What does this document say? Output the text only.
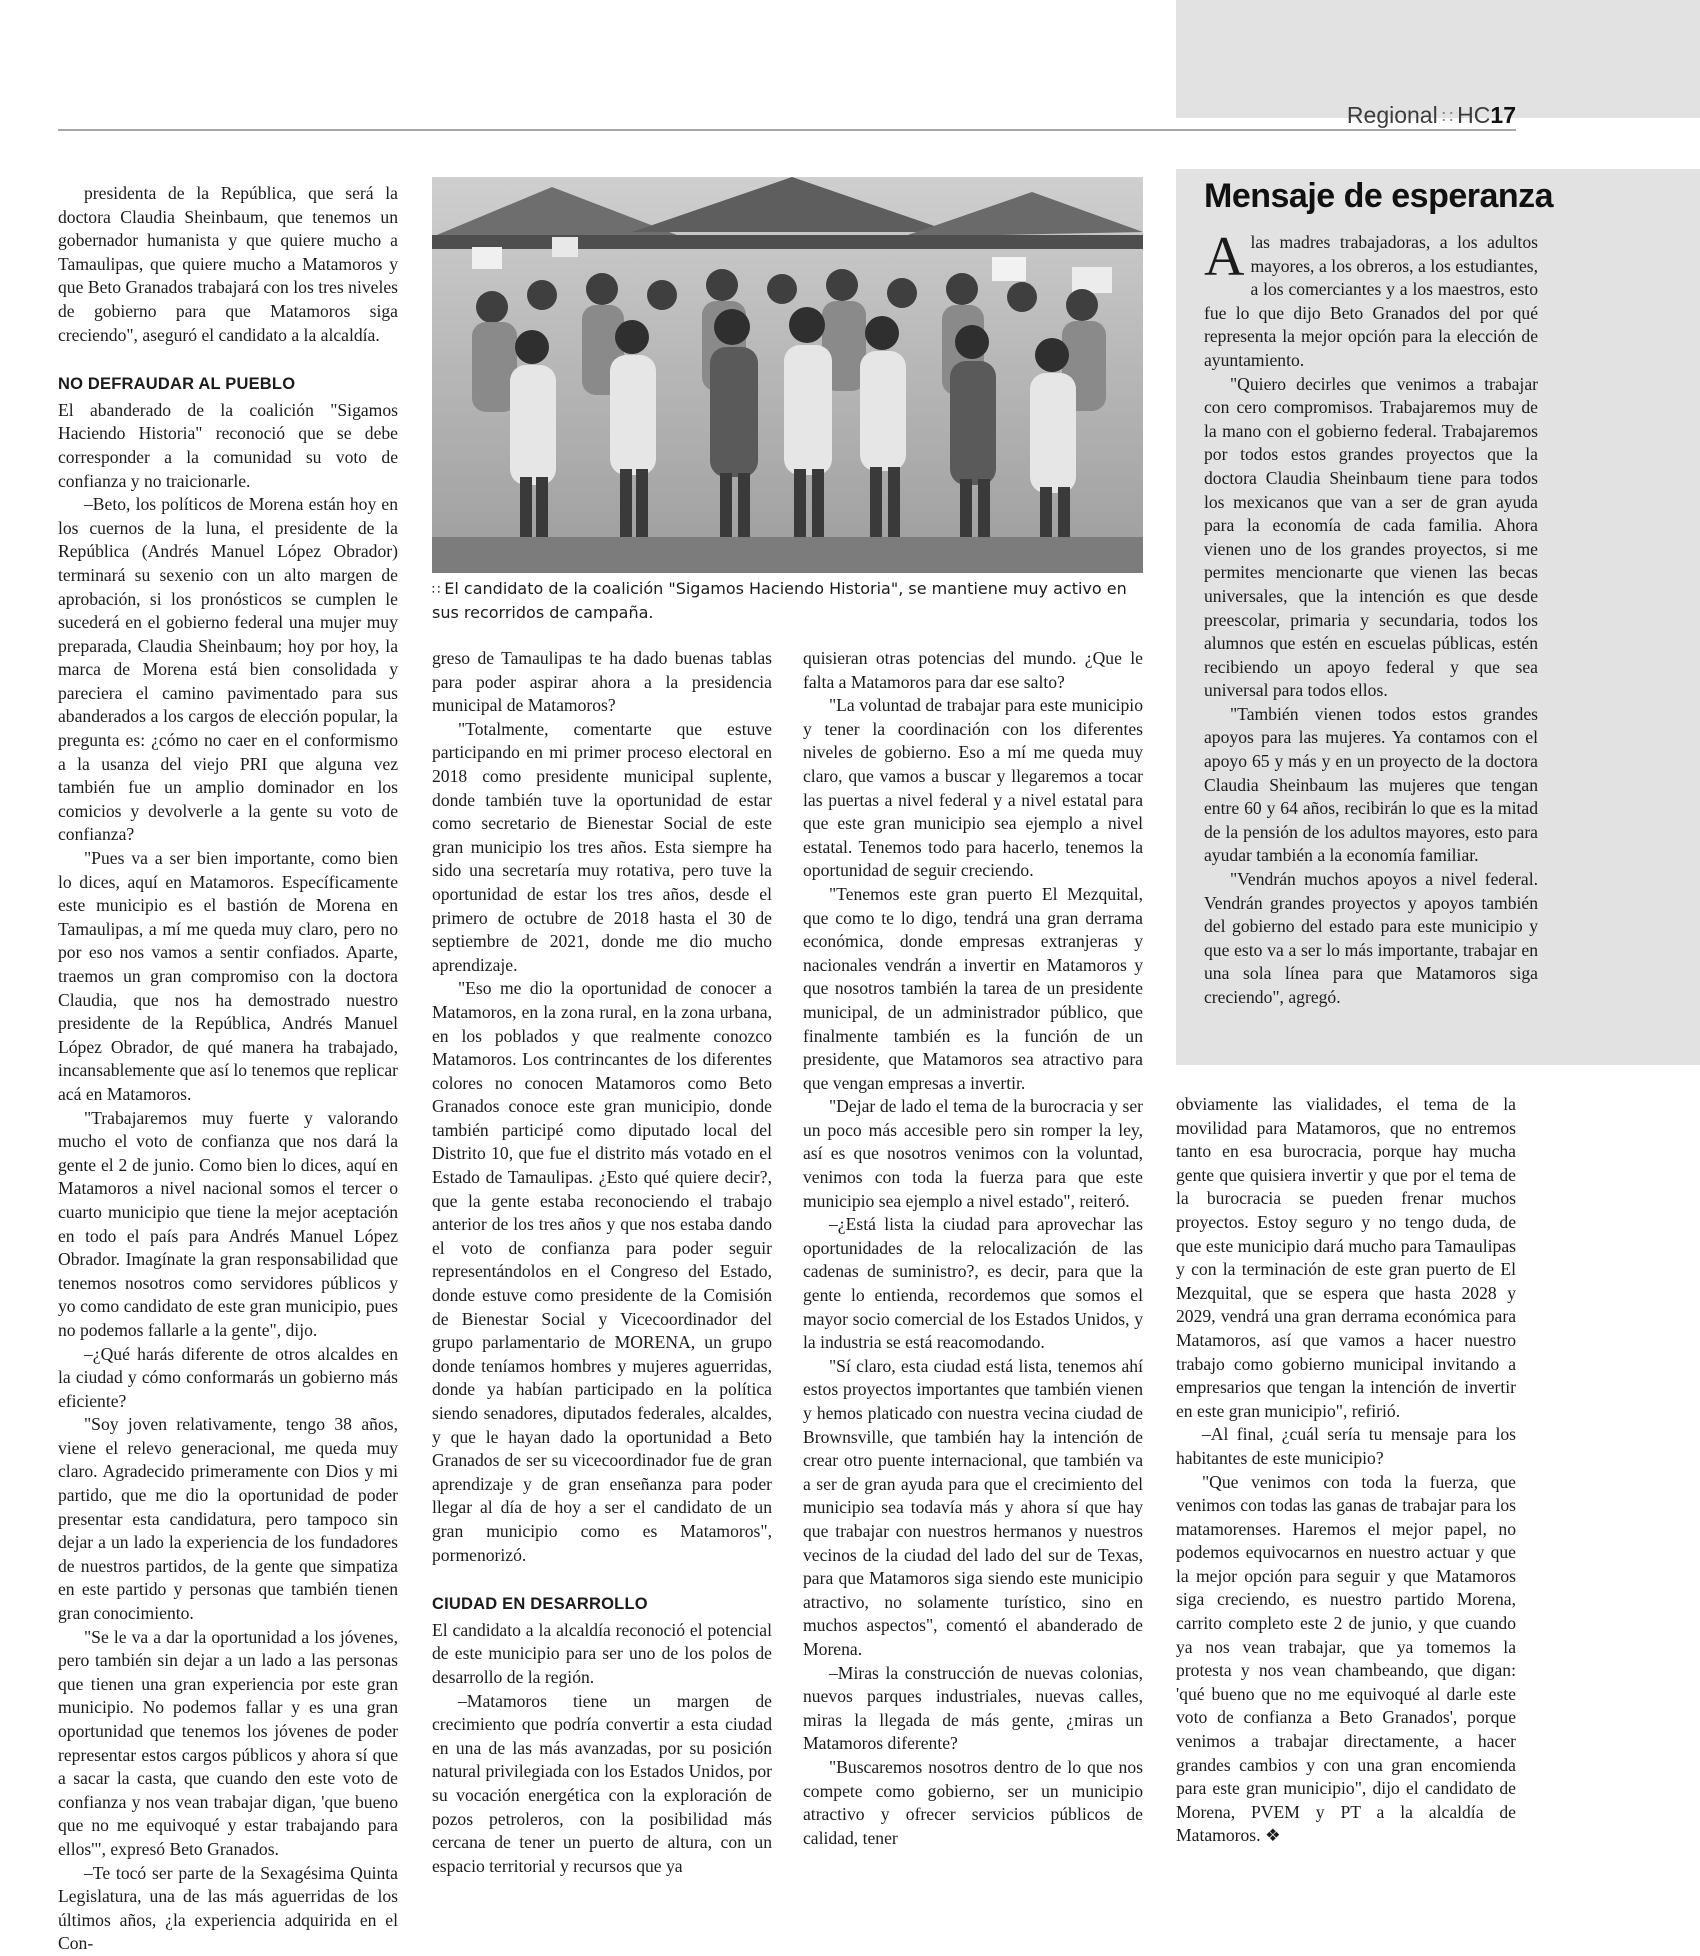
Regional ∷ HC17

presidenta de la República, que será la doctora Claudia Sheinbaum, que tenemos un gobernador humanista y que quiere mucho a Tamaulipas, que quiere mucho a Matamoros y que Beto Granados trabajará con los tres niveles de gobierno para que Matamoros siga creciendo", aseguró el candidato a la alcaldía.

NO DEFRAUDAR AL PUEBLO

El abanderado de la coalición "Sigamos Haciendo Historia" reconoció que se debe corresponder a la comunidad su voto de confianza y no traicionarle.

–Beto, los políticos de Morena están hoy en los cuernos de la luna, el presidente de la República (Andrés Manuel López Obrador) terminará su sexenio con un alto margen de aprobación, si los pronósticos se cumplen le sucederá en el gobierno federal una mujer muy preparada, Claudia Sheinbaum; hoy por hoy, la marca de Morena está bien consolidada y pareciera el camino pavimentado para sus abanderados a los cargos de elección popular, la pregunta es: ¿cómo no caer en el conformismo a la usanza del viejo PRI que alguna vez también fue un amplio dominador en los comicios y devolverle a la gente su voto de confianza?

"Pues va a ser bien importante, como bien lo dices, aquí en Matamoros. Específicamente este municipio es el bastión de Morena en Tamaulipas, a mí me queda muy claro, pero no por eso nos vamos a sentir confiados. Aparte, traemos un gran compromiso con la doctora Claudia, que nos ha demostrado nuestro presidente de la República, Andrés Manuel López Obrador, de qué manera ha trabajado, incansablemente que así lo tenemos que replicar acá en Matamoros.

"Trabajaremos muy fuerte y valorando mucho el voto de confianza que nos dará la gente el 2 de junio. Como bien lo dices, aquí en Matamoros a nivel nacional somos el tercer o cuarto municipio que tiene la mejor aceptación en todo el país para Andrés Manuel López Obrador. Imagínate la gran responsabilidad que tenemos nosotros como servidores públicos y yo como candidato de este gran municipio, pues no podemos fallarle a la gente", dijo.

–¿Qué harás diferente de otros alcaldes en la ciudad y cómo conformarás un gobierno más eficiente?

"Soy joven relativamente, tengo 38 años, viene el relevo generacional, me queda muy claro. Agradecido primeramente con Dios y mi partido, que me dio la oportunidad de poder presentar esta candidatura, pero tampoco sin dejar a un lado la experiencia de los fundadores de nuestros partidos, de la gente que simpatiza en este partido y personas que también tienen gran conocimiento.

"Se le va a dar la oportunidad a los jóvenes, pero también sin dejar a un lado a las personas que tienen una gran experiencia por este gran municipio. No podemos fallar y es una gran oportunidad que tenemos los jóvenes de poder representar estos cargos públicos y ahora sí que a sacar la casta, que cuando den este voto de confianza y nos vean trabajar digan, 'que bueno que no me equivoqué y estar trabajando para ellos'", expresó Beto Granados.

–Te tocó ser parte de la Sexagésima Quinta Legislatura, una de las más aguerridas de los últimos años, ¿la experiencia adquirida en el Con-

∷ El candidato de la coalición "Sigamos Haciendo Historia", se mantiene muy activo en sus recorridos de campaña.

greso de Tamaulipas te ha dado buenas tablas para poder aspirar ahora a la presidencia municipal de Matamoros?

"Totalmente, comentarte que estuve participando en mi primer proceso electoral en 2018 como presidente municipal suplente, donde también tuve la oportunidad de estar como secretario de Bienestar Social de este gran municipio los tres años. Esta siempre ha sido una secretaría muy rotativa, pero tuve la oportunidad de estar los tres años, desde el primero de octubre de 2018 hasta el 30 de septiembre de 2021, donde me dio mucho aprendizaje.

"Eso me dio la oportunidad de conocer a Matamoros, en la zona rural, en la zona urbana, en los poblados y que realmente conozco Matamoros. Los contrincantes de los diferentes colores no conocen Matamoros como Beto Granados conoce este gran municipio, donde también participé como diputado local del Distrito 10, que fue el distrito más votado en el Estado de Tamaulipas. ¿Esto qué quiere decir?, que la gente estaba reconociendo el trabajo anterior de los tres años y que nos estaba dando el voto de confianza para poder seguir representándolos en el Congreso del Estado, donde estuve como presidente de la Comisión de Bienestar Social y Vicecoordinador del grupo parlamentario de MORENA, un grupo donde teníamos hombres y mujeres aguerridas, donde ya habían participado en la política siendo senadores, diputados federales, alcaldes, y que le hayan dado la oportunidad a Beto Granados de ser su vicecoordinador fue de gran aprendizaje y de gran enseñanza para poder llegar al día de hoy a ser el candidato de un gran municipio como es Matamoros", pormenorizó.

CIUDAD EN DESARROLLO

El candidato a la alcaldía reconoció el potencial de este municipio para ser uno de los polos de desarrollo de la región.

–Matamoros tiene un margen de crecimiento que podría convertir a esta ciudad en una de las más avanzadas, por su posición natural privilegiada con los Estados Unidos, por su vocación energética con la exploración de pozos petroleros, con la posibilidad más cercana de tener un puerto de altura, con un espacio territorial y recursos que ya

quisieran otras potencias del mundo. ¿Que le falta a Matamoros para dar ese salto?

"La voluntad de trabajar para este municipio y tener la coordinación con los diferentes niveles de gobierno. Eso a mí me queda muy claro, que vamos a buscar y llegaremos a tocar las puertas a nivel federal y a nivel estatal para que este gran municipio sea ejemplo a nivel estatal. Tenemos todo para hacerlo, tenemos la oportunidad de seguir creciendo.

"Tenemos este gran puerto El Mezquital, que como te lo digo, tendrá una gran derrama económica, donde empresas extranjeras y nacionales vendrán a invertir en Matamoros y que nosotros también la tarea de un presidente municipal, de un administrador público, que finalmente también es la función de un presidente, que Matamoros sea atractivo para que vengan empresas a invertir.

"Dejar de lado el tema de la burocracia y ser un poco más accesible pero sin romper la ley, así es que nosotros venimos con la voluntad, venimos con toda la fuerza para que este municipio sea ejemplo a nivel estado", reiteró.

–¿Está lista la ciudad para aprovechar las oportunidades de la relocalización de las cadenas de suministro?, es decir, para que la gente lo entienda, recordemos que somos el mayor socio comercial de los Estados Unidos, y la industria se está reacomodando.

"Sí claro, esta ciudad está lista, tenemos ahí estos proyectos importantes que también vienen y hemos platicado con nuestra vecina ciudad de Brownsville, que también hay la intención de crear otro puente internacional, que también va a ser de gran ayuda para que el crecimiento del municipio sea todavía más y ahora sí que hay que trabajar con nuestros hermanos y nuestros vecinos de la ciudad del lado del sur de Texas, para que Matamoros siga siendo este municipio atractivo, no solamente turístico, sino en muchos aspectos", comentó el abanderado de Morena.

–Miras la construcción de nuevas colonias, nuevos parques industriales, nuevas calles, miras la llegada de más gente, ¿miras un Matamoros diferente?

"Buscaremos nosotros dentro de lo que nos compete como gobierno, ser un municipio atractivo y ofrecer servicios públicos de calidad, tener

Mensaje de esperanza

Alas madres trabajadoras, a los adultos mayores, a los obreros, a los estudiantes, a los comerciantes y a los maestros, esto fue lo que dijo Beto Granados del por qué representa la mejor opción para la elección de ayuntamiento.

"Quiero decirles que venimos a trabajar con cero compromisos. Trabajaremos muy de la mano con el gobierno federal. Trabajaremos por todos estos grandes proyectos que la doctora Claudia Sheinbaum tiene para todos los mexicanos que van a ser de gran ayuda para la economía de cada familia. Ahora vienen uno de los grandes proyectos, si me permites mencionarte que vienen las becas universales, que la intención es que desde preescolar, primaria y secundaria, todos los alumnos que estén en escuelas públicas, estén recibiendo un apoyo federal y que sea universal para todos ellos.

"También vienen todos estos grandes apoyos para las mujeres. Ya contamos con el apoyo 65 y más y en un proyecto de la doctora Claudia Sheinbaum las mujeres que tengan entre 60 y 64 años, recibirán lo que es la mitad de la pensión de los adultos mayores, esto para ayudar también a la economía familiar.

"Vendrán muchos apoyos a nivel federal. Vendrán grandes proyectos y apoyos también del gobierno del estado para este municipio y que esto va a ser lo más importante, trabajar en una sola línea para que Matamoros siga creciendo", agregó.

obviamente las vialidades, el tema de la movilidad para Matamoros, que no entremos tanto en esa burocracia, porque hay mucha gente que quisiera invertir y que por el tema de la burocracia se pueden frenar muchos proyectos. Estoy seguro y no tengo duda, de que este municipio dará mucho para Tamaulipas y con la terminación de este gran puerto de El Mezquital, que se espera que hasta 2028 y 2029, vendrá una gran derrama económica para Matamoros, así que vamos a hacer nuestro trabajo como gobierno municipal invitando a empresarios que tengan la intención de invertir en este gran municipio", refirió.

–Al final, ¿cuál sería tu mensaje para los habitantes de este municipio?

"Que venimos con toda la fuerza, que venimos con todas las ganas de trabajar para los matamorenses. Haremos el mejor papel, no podemos equivocarnos en nuestro actuar y que la mejor opción para seguir y que Matamoros siga creciendo, es nuestro partido Morena, carrito completo este 2 de junio, y que cuando ya nos vean trabajar, que ya tomemos la protesta y nos vean chambeando, que digan: 'qué bueno que no me equivoqué al darle este voto de confianza a Beto Granados', porque venimos a trabajar directamente, a hacer grandes cambios y con una gran encomienda para este gran municipio", dijo el candidato de Morena, PVEM y PT a la alcaldía de Matamoros. ❖
